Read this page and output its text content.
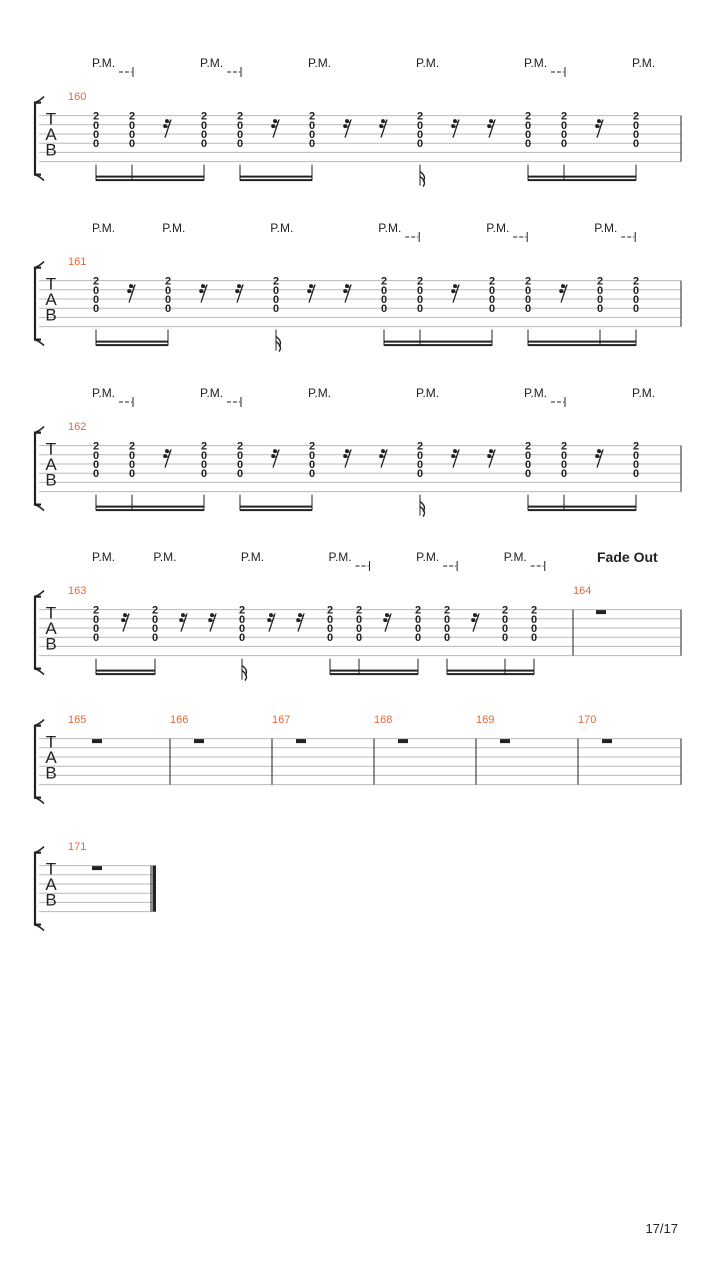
T
A
B
160
P.M.	P.M.	P.M.	P.M.	P.M.	P.M.
2
0
0
0
2
0
0
0
2
0
0
0
2
0
0
0
2
0
0
0
2
0
0
0
2
0
0
0
2
0
0
0
2
0
0
0
T
A
B
161
P.M.	P.M.	P.M.	P.M.	P.M.	P.M.
2
0
0
0
2
0
0
0
2
0
0
0
2
0
0
0
2
0
0
0
2
0
0
0
2
0
0
0
2
0
0
0
2
0
0
0
T
A
B
162
P.M.	P.M.	P.M.	P.M.	P.M.	P.M.
2
0
0
0
2
0
0
0
2
0
0
0
2
0
0
0
2
0
0
0
2
0
0
0
2
0
0
0
2
0
0
0
2
0
0
0
T
A
B
163
P.M.	P.M.	P.M.	P.M.	P.M.	P.M.
2
0
0
0
2
0
0
0
2
0
0
0
2
0
0
0
2
0
0
0
2
0
0
0
2
0
0
0
2
0
0
0
2
0
0
0
164
Fade Out
T
A
B
165	166	167	168	169	170
T
A
B
171
17/17
